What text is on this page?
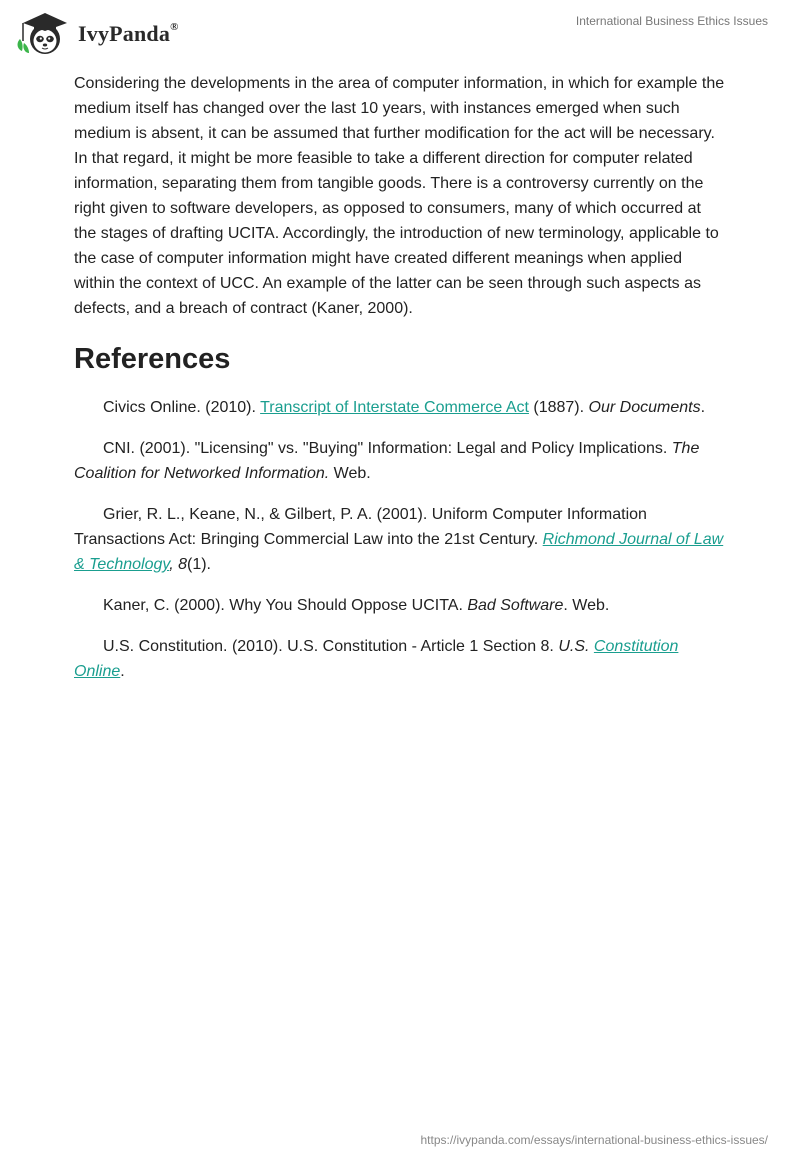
IvyPanda®	International Business Ethics Issues

Considering the developments in the area of computer information, in which for example the medium itself has changed over the last 10 years, with instances emerged when such medium is absent, it can be assumed that further modification for the act will be necessary. In that regard, it might be more feasible to take a different direction for computer related information, separating them from tangible goods. There is a controversy currently on the right given to software developers, as opposed to consumers, many of which occurred at the stages of drafting UCITA. Accordingly, the introduction of new terminology, applicable to the case of computer information might have created different meanings when applied within the context of UCC. An example of the latter can be seen through such aspects as defects, and a breach of contract (Kaner, 2000).

References

Civics Online. (2010). Transcript of Interstate Commerce Act (1887). Our Documents.

CNI. (2001). "Licensing" vs. "Buying" Information: Legal and Policy Implications. The Coalition for Networked Information. Web.

Grier, R. L., Keane, N., & Gilbert, P. A. (2001). Uniform Computer Information Transactions Act: Bringing Commercial Law into the 21st Century. Richmond Journal of Law & Technology, 8(1).

Kaner, C. (2000). Why You Should Oppose UCITA. Bad Software. Web.

U.S. Constitution. (2010). U.S. Constitution - Article 1 Section 8. U.S. Constitution Online.

https://ivypanda.com/essays/international-business-ethics-issues/
